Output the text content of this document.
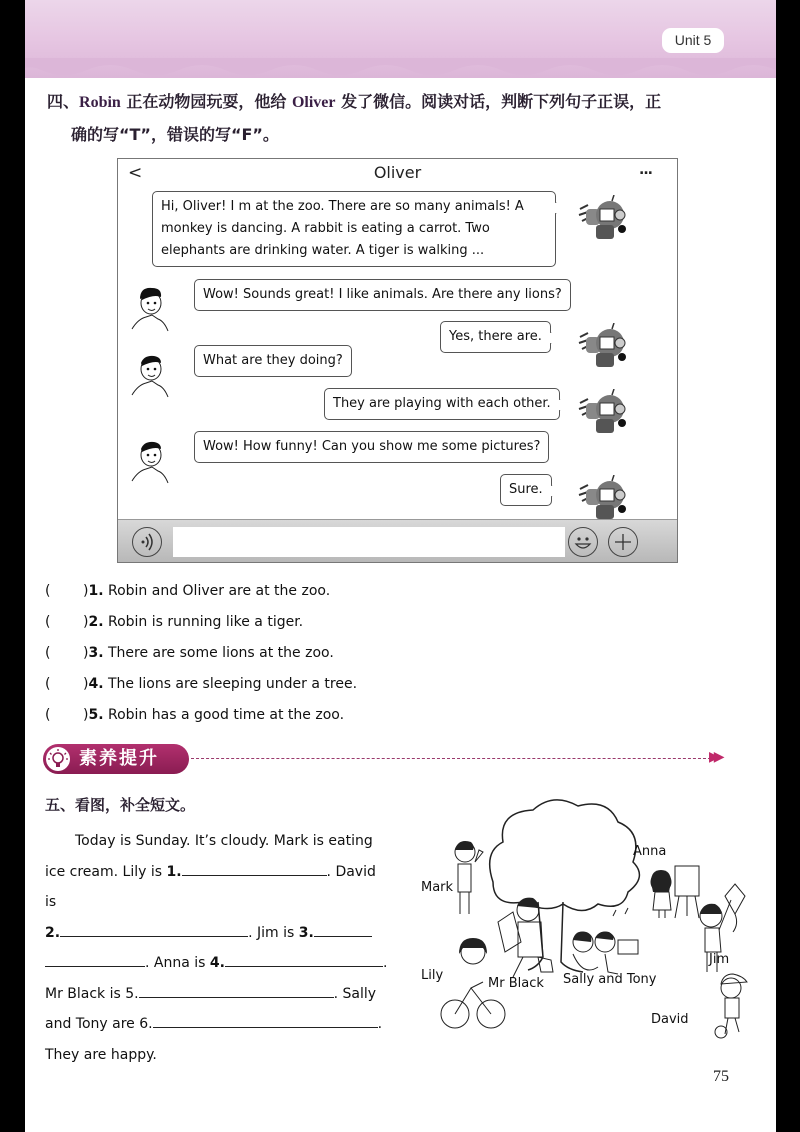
Unit 5
四、Robin 正在动物园玩耍，他给 Oliver 发了微信。阅读对话，判断下列句子正误，正
确的写“T”，错误的写“F”。
<	Oliver	...
Hi, Oliver! I m at the zoo. There are so many animals! A monkey is dancing. A rabbit is eating a carrot. Two elephants are drinking water. A tiger is walking ...
Wow! Sounds great! I like animals. Are there any lions?
Yes, there are.
What are they doing?
They are playing with each other.
Wow! How funny! Can you show me some pictures?
Sure.
( )1. Robin and Oliver are at the zoo.
( )2. Robin is running like a tiger.
( )3. There are some lions at the zoo.
( )4. The lions are sleeping under a tree.
( )5. Robin has a good time at the zoo.
素养提升	▶▶
五、看图，补全短文。
Today is Sunday. It’s cloudy. Mark is eating
ice cream. Lily is 1.	. David is
2.	. Jim is 3.
. Anna is 4.	.
Mr Black is 5.	. Sally
and Tony are 6.	.
They are happy.
Mark
Anna
Lily
Mr Black Sally and Tony
Jim
David
75
